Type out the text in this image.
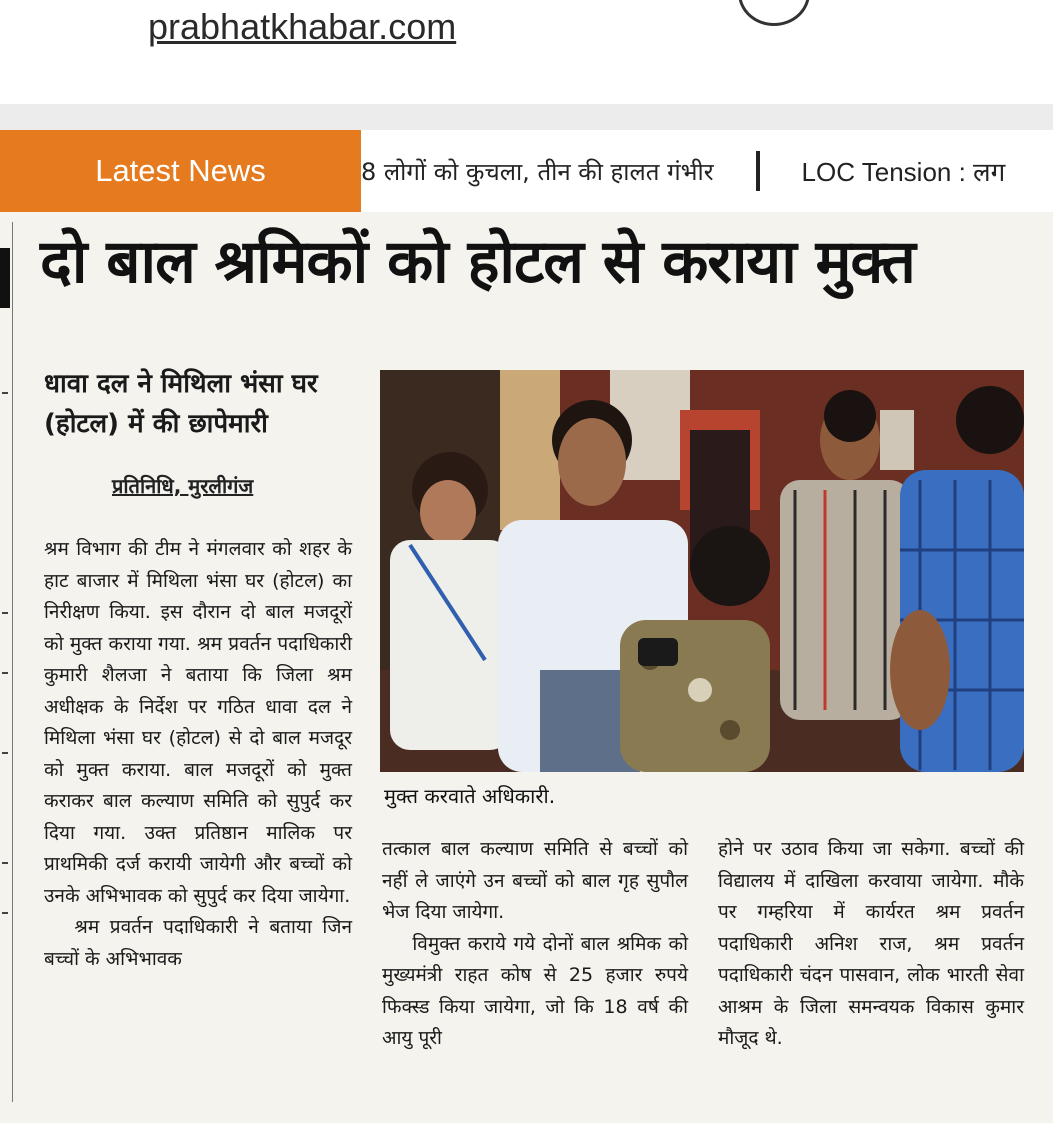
prabhatkhabar.com
Latest News	8 लोगों को कुचला, तीन की हालत गंभीर	LOC Tension : लग
दो बाल श्रमिकों को होटल से कराया मुक्त
धावा दल ने मिथिला भंसा घर (होटल) में की छापेमारी
प्रतिनिधि, मुरलीगंज

श्रम विभाग की टीम ने मंगलवार को शहर के हाट बाजार में मिथिला भंसा घर (होटल) का निरीक्षण किया. इस दौरान दो बाल मजदूरों को मुक्त कराया गया. श्रम प्रवर्तन पदाधिकारी कुमारी शैलजा ने बताया कि जिला श्रम अधीक्षक के निर्देश पर गठित धावा दल ने मिथिला भंसा घर (होटल) से दो बाल मजदूर को मुक्त कराया. बाल मजदूरों को मुक्त कराकर बाल कल्याण समिति को सुपुर्द कर दिया गया. उक्त प्रतिष्ठान मालिक पर प्राथमिकी दर्ज करायी जायेगी और बच्चों को उनके अभिभावक को सुपुर्द कर दिया जायेगा.

श्रम प्रवर्तन पदाधिकारी ने बताया जिन बच्चों के अभिभावक

मुक्त करवाते अधिकारी.

तत्काल बाल कल्याण समिति से बच्चों को नहीं ले जाएंगे उन बच्चों को बाल गृह सुपौल भेज दिया जायेगा.

विमुक्त कराये गये दोनों बाल श्रमिक को मुख्यमंत्री राहत कोष से 25 हजार रुपये फिक्स्ड किया जायेगा, जो कि 18 वर्ष की आयु पूरी

होने पर उठाव किया जा सकेगा. बच्चों की विद्यालय में दाखिला करवाया जायेगा. मौके पर गम्हरिया में कार्यरत श्रम प्रवर्तन पदाधिकारी अनिश राज, श्रम प्रवर्तन पदाधिकारी चंदन पासवान, लोक भारती सेवा आश्रम के जिला समन्वयक विकास कुमार मौजूद थे.
